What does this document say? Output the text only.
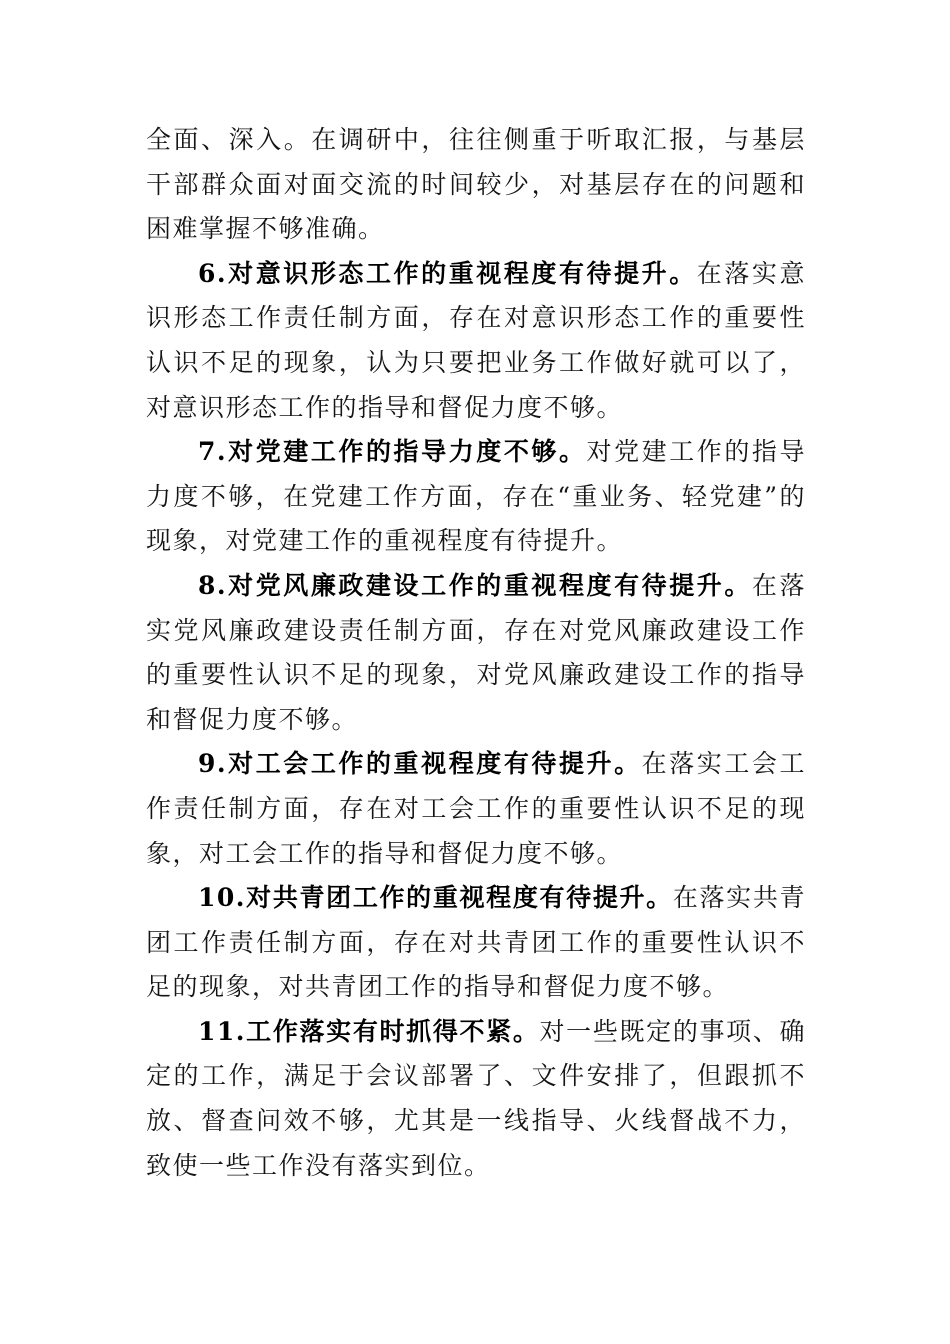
全面、深入。在调研中，往往侧重于听取汇报，与基层干部群众面对面交流的时间较少，对基层存在的问题和困难掌握不够准确。

6.对意识形态工作的重视程度有待提升。在落实意识形态工作责任制方面，存在对意识形态工作的重要性认识不足的现象，认为只要把业务工作做好就可以了，对意识形态工作的指导和督促力度不够。

7.对党建工作的指导力度不够。对党建工作的指导力度不够，在党建工作方面，存在“重业务、轻党建”的现象，对党建工作的重视程度有待提升。

8.对党风廉政建设工作的重视程度有待提升。在落实党风廉政建设责任制方面，存在对党风廉政建设工作的重要性认识不足的现象，对党风廉政建设工作的指导和督促力度不够。

9.对工会工作的重视程度有待提升。在落实工会工作责任制方面，存在对工会工作的重要性认识不足的现象，对工会工作的指导和督促力度不够。

10.对共青团工作的重视程度有待提升。在落实共青团工作责任制方面，存在对共青团工作的重要性认识不足的现象，对共青团工作的指导和督促力度不够。

11.工作落实有时抓得不紧。对一些既定的事项、确定的工作，满足于会议部署了、文件安排了，但跟抓不放、督查问效不够，尤其是一线指导、火线督战不力，致使一些工作没有落实到位。
